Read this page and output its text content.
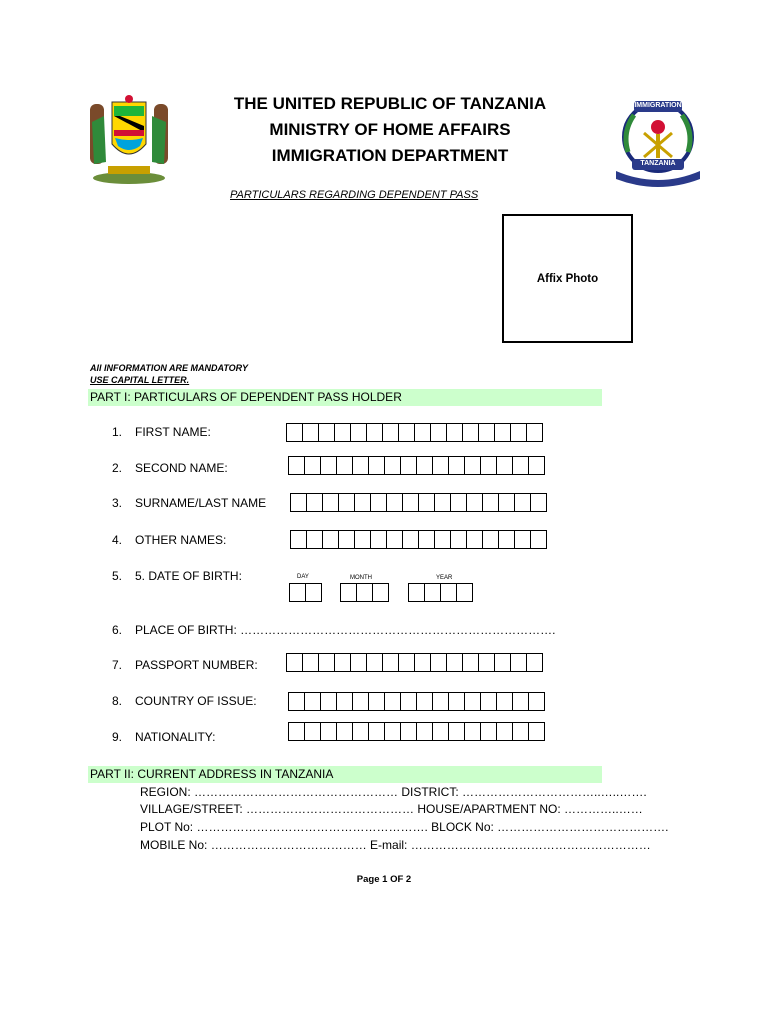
IMMIGRATION
TANZANIA
THE UNITED REPUBLIC OF TANZANIA
MINISTRY OF HOME AFFAIRS
IMMIGRATION DEPARTMENT
PARTICULARS REGARDING DEPENDENT PASS
Affix Photo
All INFORMATION ARE MANDATORY
USE CAPITAL LETTER.
PART I: PARTICULARS OF DEPENDENT PASS HOLDER
1. FIRST NAME:
2. SECOND NAME:
3. SURNAME/LAST NAME
4. OTHER NAMES:
5. 5. DATE OF BIRTH:	DAY	MONTH	YEAR
6. PLACE OF BIRTH: …………………………………………………………………….
7. PASSPORT NUMBER:
8. COUNTRY OF ISSUE:
9. NATIONALITY:
PART II: CURRENT ADDRESS IN TANZANIA
REGION: …………………………………………… DISTRICT: ……………………………..…..…….
VILLAGE/STREET: …………………………………… HOUSE/APARTMENT NO: …………..……
PLOT No: …………………………………………………. BLOCK No: …………………………………….
MOBILE No: ………………………………… E-mail: ……………………………………………………
Page 1 OF 2
